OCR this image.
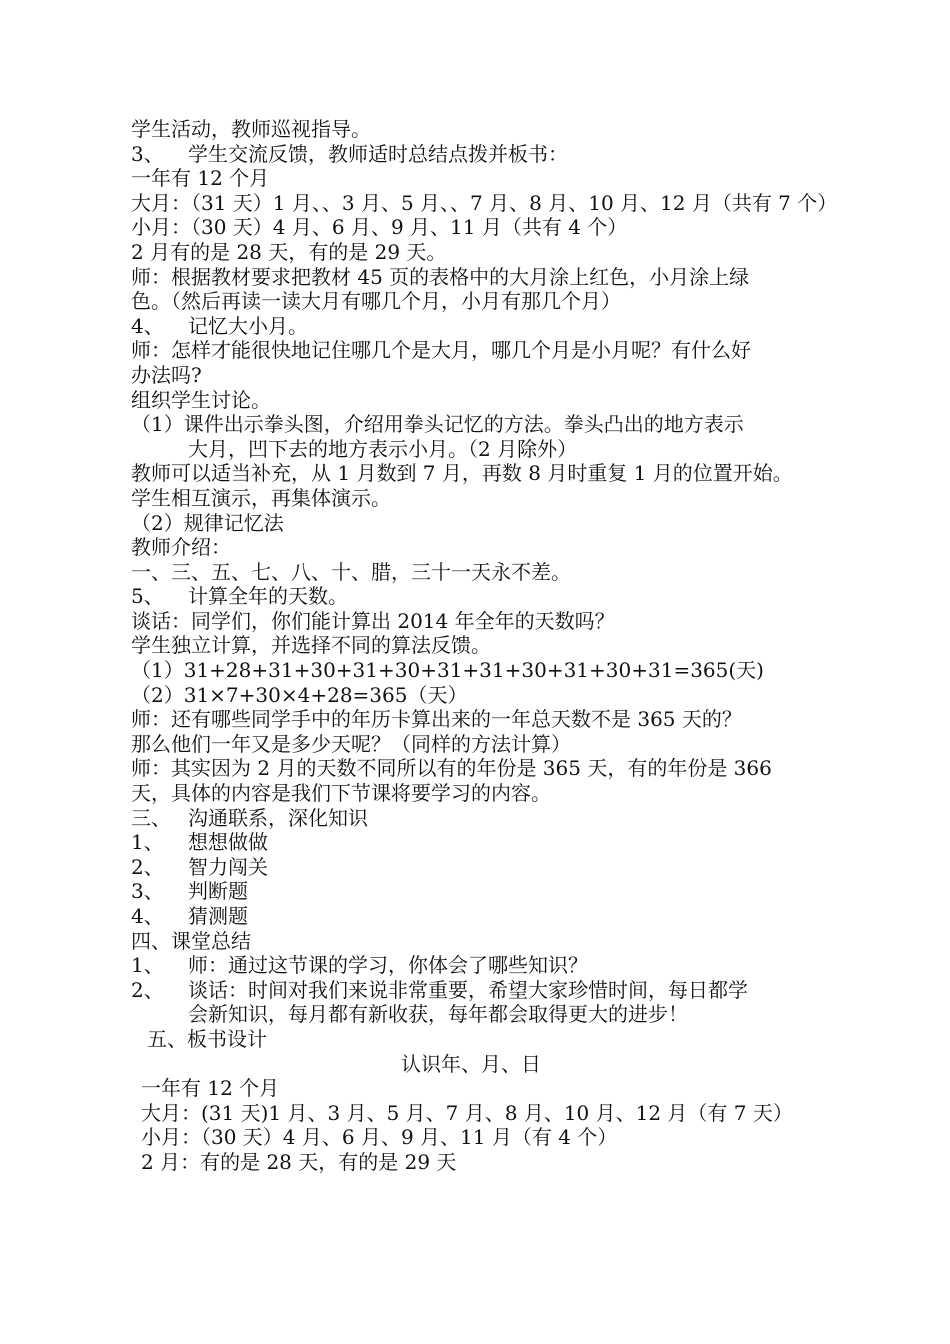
学生活动，教师巡视指导。
3、 学生交流反馈，教师适时总结点拨并板书：
一年有 12 个月
大月：（31 天）1 月、、3 月、5 月、、7 月、8 月、10 月、12 月（共有 7 个）
小月：（30 天）4 月、6 月、9 月、11 月（共有 4 个）
2 月有的是 28 天，有的是 29 天。
师：根据教材要求把教材 45 页的表格中的大月涂上红色，小月涂上绿
色。（然后再读一读大月有哪几个月，小月有那几个月）
4、 记忆大小月。
师：怎样才能很快地记住哪几个是大月，哪几个月是小月呢？有什么好
办法吗?
组织学生讨论。
（1）课件出示拳头图，介绍用拳头记忆的方法。拳头凸出的地方表示
大月，凹下去的地方表示小月。（2 月除外）
教师可以适当补充，从 1 月数到 7 月，再数 8 月时重复 1 月的位置开始。
学生相互演示，再集体演示。
（2）规律记忆法
教师介绍：
一、三、五、七、八、十、腊，三十一天永不差。
5、 计算全年的天数。
谈话：同学们，你们能计算出 2014 年全年的天数吗？
学生独立计算，并选择不同的算法反馈。
（1）31+28+31+30+31+30+31+31+30+31+30+31=365(天)
（2）31×7+30×4+28=365（天）
师：还有哪些同学手中的年历卡算出来的一年总天数不是 365 天的？
那么他们一年又是多少天呢？（同样的方法计算）
师：其实因为 2 月的天数不同所以有的年份是 365 天，有的年份是 366
天，具体的内容是我们下节课将要学习的内容。
三、 沟通联系，深化知识
1、 想想做做
2、 智力闯关
3、 判断题
4、 猜测题
四、课堂总结
1、 师：通过这节课的学习，你体会了哪些知识？
2、 谈话：时间对我们来说非常重要，希望大家珍惜时间，每日都学
会新知识，每月都有新收获，每年都会取得更大的进步！
五、板书设计
认识年、月、日
一年有 12 个月
大月：(31 天)1 月、3 月、5 月、7 月、8 月、10 月、12 月（有 7 天）
小月：（30 天）4 月、6 月、9 月、11 月（有 4 个）
2 月：有的是 28 天，有的是 29 天
